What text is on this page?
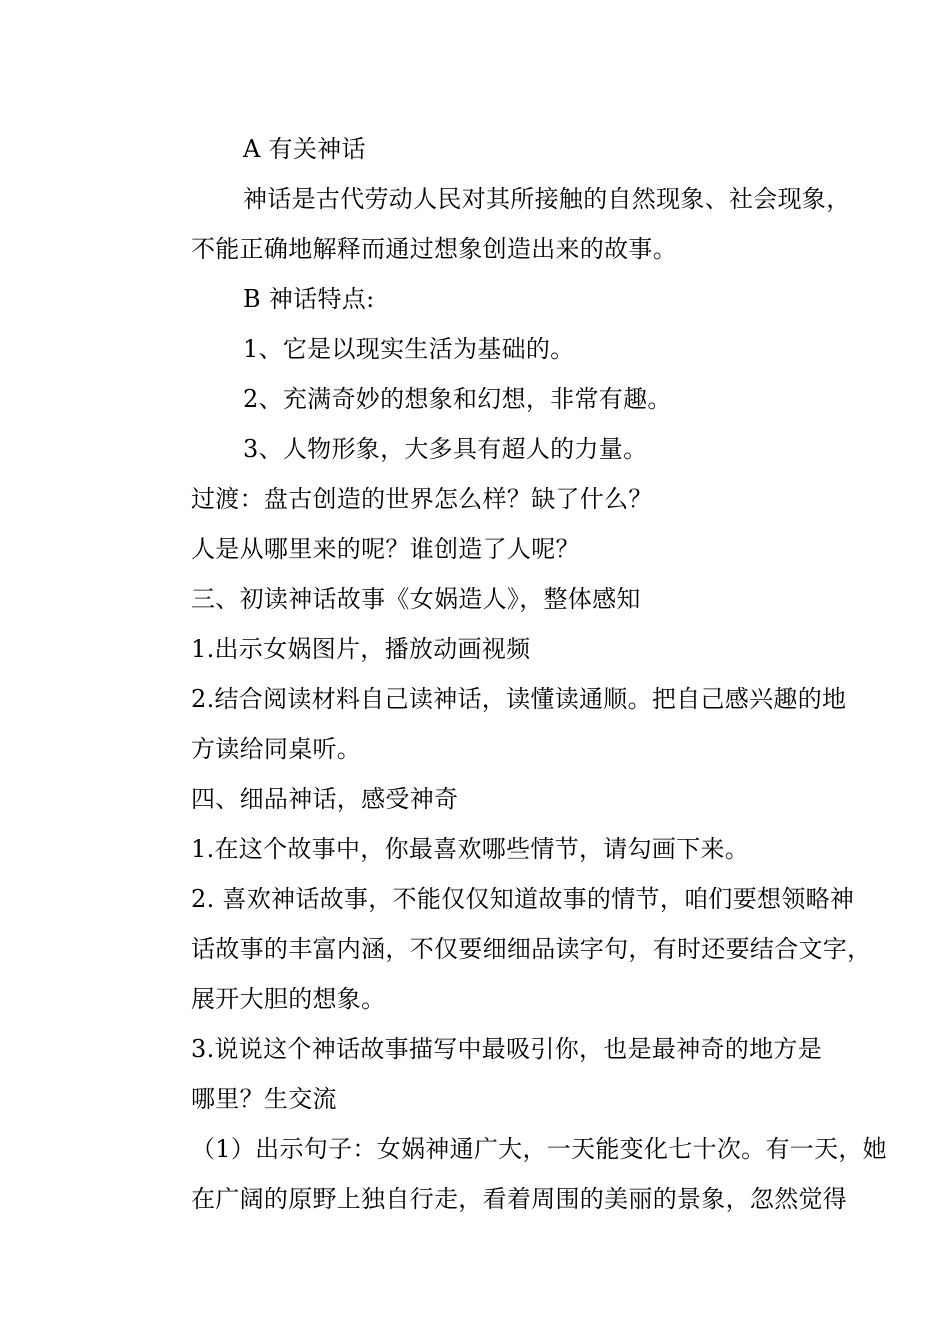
A 有关神话
神话是古代劳动人民对其所接触的自然现象、社会现象，
不能正确地解释而通过想象创造出来的故事。
B 神话特点:
1、它是以现实生活为基础的。
2、充满奇妙的想象和幻想，非常有趣。
3、人物形象，大多具有超人的力量。
过渡：盘古创造的世界怎么样？缺了什么？
人是从哪里来的呢？谁创造了人呢？
三、初读神话故事《女娲造人》，整体感知
1.出示女娲图片，播放动画视频
2.结合阅读材料自己读神话，读懂读通顺。把自己感兴趣的地
方读给同桌听。
四、细品神话，感受神奇
1.在这个故事中，你最喜欢哪些情节，请勾画下来。
2. 喜欢神话故事，不能仅仅知道故事的情节，咱们要想领略神
话故事的丰富内涵，不仅要细细品读字句，有时还要结合文字，
展开大胆的想象。
3.说说这个神话故事描写中最吸引你，也是最神奇的地方是
哪里？生交流
（1）出示句子：女娲神通广大，一天能变化七十次。有一天，她
在广阔的原野上独自行走，看着周围的美丽的景象，忽然觉得
